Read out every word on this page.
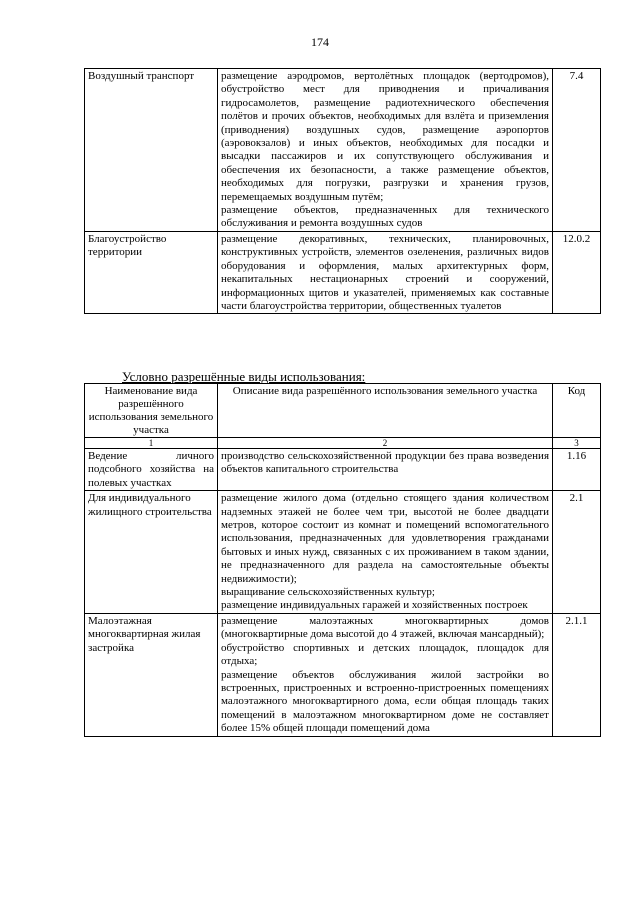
174
Воздушный транспорт	размещение аэродромов, вертолётных площадок (вертодромов), обустройство мест для приводнения и причаливания гидросамолетов, размещение радиотехнического обеспечения полётов и прочих объектов, необходимых для взлёта и приземления (приводнения) воздушных судов, размещение аэропортов (аэровокзалов) и иных объектов, необходимых для посадки и высадки пассажиров и их сопутствующего обслуживания и обеспечения их безопасности, а также размещение объектов, необходимых для погрузки, разгрузки и хранения грузов, перемещаемых воздушным путём;
размещение объектов, предназначенных для технического обслуживания и ремонта воздушных судов	7.4
Благоустройство территории	размещение декоративных, технических, планировочных, конструктивных устройств, элементов озеленения, различных видов оборудования и оформления, малых архитектурных форм, некапитальных нестационарных строений и сооружений, информационных щитов и указателей, применяемых как составные части благоустройства территории, общественных туалетов	12.0.2
Условно разрешённые виды использования:
Наименование вида разрешённого использования земельного участка	Описание вида разрешённого использования земельного участка	Код
1	2	3
Ведение личного подсобного хозяйства на полевых участках	производство сельскохозяйственной продукции без права возведения объектов капитального строительства	1.16
Для индивидуального жилищного строительства	размещение жилого дома (отдельно стоящего здания количеством надземных этажей не более чем три, высотой не более двадцати метров, которое состоит из комнат и помещений вспомогательного использования, предназначенных для удовлетворения гражданами бытовых и иных нужд, связанных с их проживанием в таком здании, не предназначенного для раздела на самостоятельные объекты недвижимости);
выращивание сельскохозяйственных культур;
размещение индивидуальных гаражей и хозяйственных построек	2.1
Малоэтажная многоквартирная жилая застройка	размещение малоэтажных многоквартирных домов (многоквартирные дома высотой до 4 этажей, включая мансардный);
обустройство спортивных и детских площадок, площадок для отдыха;
размещение объектов обслуживания жилой застройки во встроенных, пристроенных и встроенно-пристроенных помещениях малоэтажного многоквартирного дома, если общая площадь таких помещений в малоэтажном многоквартирном доме не составляет более 15% общей площади помещений дома	2.1.1
